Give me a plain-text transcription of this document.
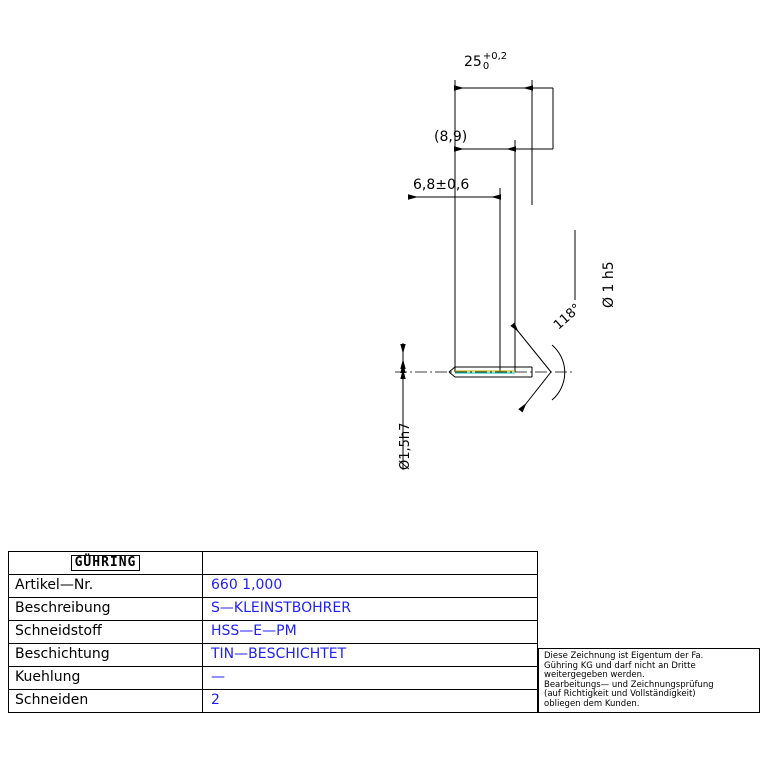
25 +0,2
0
(8,9)
6,8±0,6
Ø 1 h5
Ø1,5h7
118°
GÜHRING
Artikel—Nr.	660 1,000
Beschreibung	S—KLEINSTBOHRER
Schneidstoff	HSS—E—PM
Beschichtung	TIN—BESCHICHTET
Kuehlung	—
Schneiden	2
Diese Zeichnung ist Eigentum der Fa.
Gühring KG und darf nicht an Dritte
weitergegeben werden.
Bearbeitungs— und Zeichnungsprüfung
(auf Richtigkeit und Vollständigkeit)
obliegen dem Kunden.
